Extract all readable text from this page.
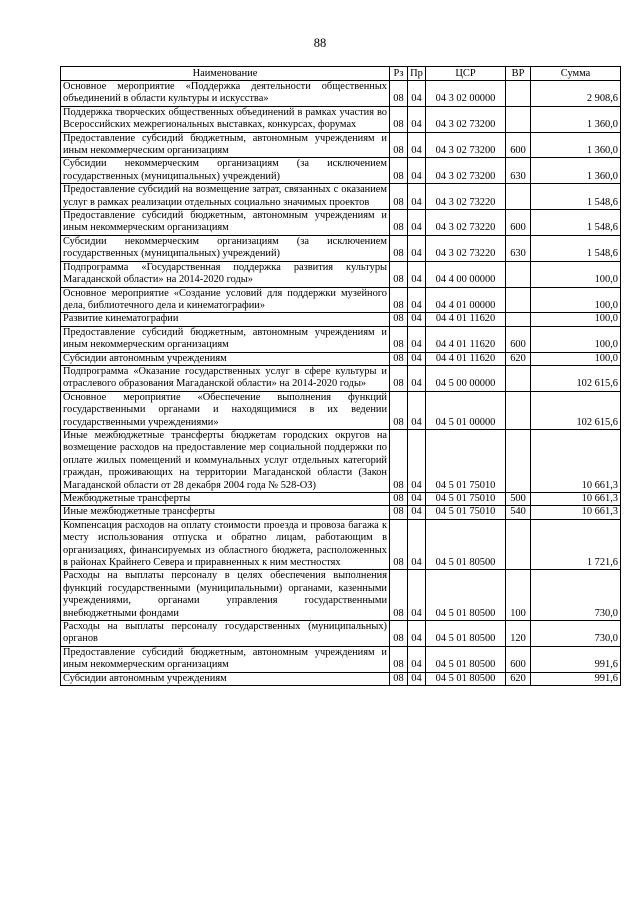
88
Наименование	Рз	Пр	ЦСР	ВР	Сумма
Основное мероприятие «Поддержка деятельности общественных объединений в области культуры и искусства»	08	04	04 3 02 00000		2 908,6
Поддержка творческих общественных объединений в рамках участия во Всероссийских межрегиональных выставках, конкурсах, форумах	08	04	04 3 02 73200		1 360,0
Предоставление субсидий бюджетным, автономным учреждениям и иным некоммерческим организациям	08	04	04 3 02 73200	600	1 360,0
Субсидии некоммерческим организациям (за исключением государственных (муниципальных) учреждений)	08	04	04 3 02 73200	630	1 360,0
Предоставление субсидий на возмещение затрат, связанных с оказанием услуг в рамках реализации отдельных социально значимых проектов	08	04	04 3 02 73220		1 548,6
Предоставление субсидий бюджетным, автономным учреждениям и иным некоммерческим организациям	08	04	04 3 02 73220	600	1 548,6
Субсидии некоммерческим организациям (за исключением государственных (муниципальных) учреждений)	08	04	04 3 02 73220	630	1 548,6
Подпрограмма «Государственная поддержка развития культуры Магаданской области» на 2014-2020 годы»	08	04	04 4 00 00000		100,0
Основное мероприятие «Создание условий для поддержки музейного дела, библиотечного дела и кинематографии»	08	04	04 4 01 00000		100,0
Развитие кинематографии	08	04	04 4 01 11620		100,0
Предоставление субсидий бюджетным, автономным учреждениям и иным некоммерческим организациям	08	04	04 4 01 11620	600	100,0
Субсидии автономным учреждениям	08	04	04 4 01 11620	620	100,0
Подпрограмма «Оказание государственных услуг в сфере культуры и отраслевого образования Магаданской области» на 2014-2020 годы»	08	04	04 5 00 00000		102 615,6
Основное мероприятие «Обеспечение выполнения функций государственными органами и находящимися в их ведении государственными учреждениями»	08	04	04 5 01 00000		102 615,6
Иные межбюджетные трансферты бюджетам городских округов на возмещение расходов на предоставление мер социальной поддержки по оплате жилых помещений и коммунальных услуг отдельных категорий граждан, проживающих на территории Магаданской области (Закон Магаданской области от 28 декабря 2004 года № 528-ОЗ)	08	04	04 5 01 75010		10 661,3
Межбюджетные трансферты	08	04	04 5 01 75010	500	10 661,3
Иные межбюджетные трансферты	08	04	04 5 01 75010	540	10 661,3
Компенсация расходов на оплату стоимости проезда и провоза багажа к месту использования отпуска и обратно лицам, работающим в организациях, финансируемых из областного бюджета, расположенных в районах Крайнего Севера и приравненных к ним местностях	08	04	04 5 01 80500		1 721,6
Расходы на выплаты персоналу в целях обеспечения выполнения функций государственными (муниципальными) органами, казенными учреждениями, органами управления государственными внебюджетными фондами	08	04	04 5 01 80500	100	730,0
Расходы на выплаты персоналу государственных (муниципальных) органов	08	04	04 5 01 80500	120	730,0
Предоставление субсидий бюджетным, автономным учреждениям и иным некоммерческим организациям	08	04	04 5 01 80500	600	991,6
Субсидии автономным учреждениям	08	04	04 5 01 80500	620	991,6
